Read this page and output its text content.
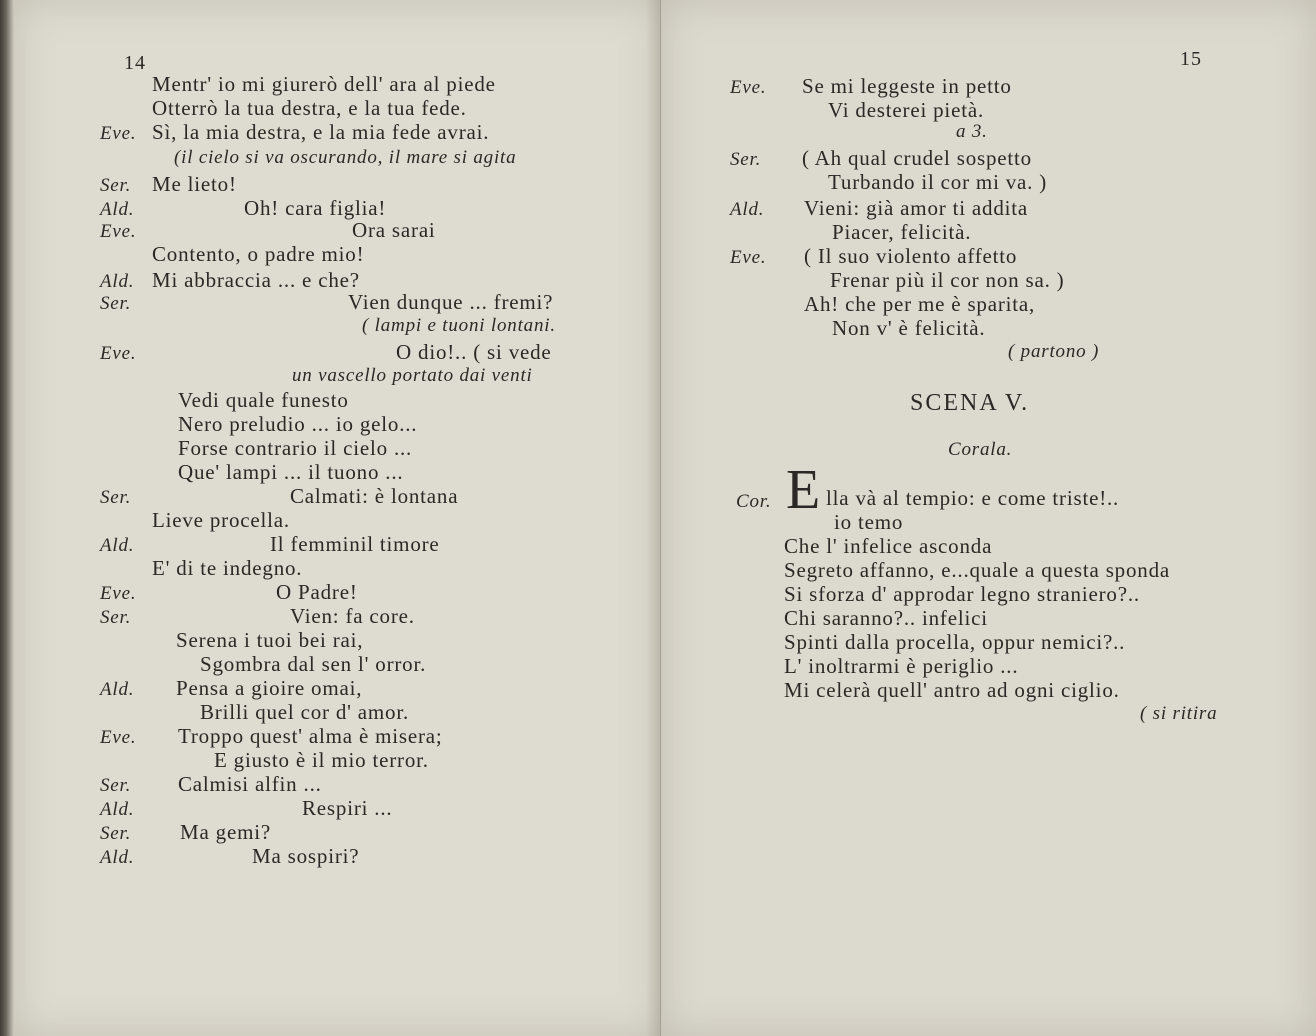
14
Mentr' io mi giurerò dell' ara al piede
Otterrò la tua destra, e la tua fede.
Eve. Sì, la mia destra, e la mia fede avrai.
(il cielo si va oscurando, il mare si agita
Ser. Me lieto!
Ald.	Oh! cara figlia!
Eve.	Ora sarai
Contento, o padre mio!
Ald. Mi abbraccia ... e che?
Ser.	Vien dunque ... fremi?
( lampi e tuoni lontani.
Eve.	O dio!.. ( si vede
un vascello portato dai venti
Vedi quale funesto
Nero preludio ... io gelo...
Forse contrario il cielo ...
Que' lampi ... il tuono ...
Ser.	Calmati: è lontana
Lieve procella.
Ald.	Il femminil timore
E' di te indegno.
Eve.	O Padre!
Ser.	Vien: fa core.
Serena i tuoi bei rai,
Sgombra dal sen l' orror.
Ald. Pensa a gioire omai,
Brilli quel cor d' amor.
Eve. Troppo quest' alma è misera;
E giusto è il mio terror.
Ser. Calmisi alfin ...
Ald.	Respiri ...
Ser. Ma gemi?
Ald.	Ma sospiri?
15
Eve. Se mi leggeste in petto
Vi desterei pietà.
a 3.
Ser. ( Ah qual crudel sospetto
Turbando il cor mi va. )
Ald. Vieni: già amor ti addita
Piacer, felicità.
Eve. ( Il suo violento affetto
Frenar più il cor non sa. )
Ah! che per me è sparita,
Non v' è felicità.
( partono )
SCENA V.
Corala.
Cor. E lla và al tempio: e come triste!..
io temo
Che l' infelice asconda
Segreto affanno, e...quale a questa sponda
Si sforza d' approdar legno straniero?..
Chi saranno?.. infelici
Spinti dalla procella, oppur nemici?..
L' inoltrarmi è periglio ...
Mi celerà quell' antro ad ogni ciglio.
( si ritira
